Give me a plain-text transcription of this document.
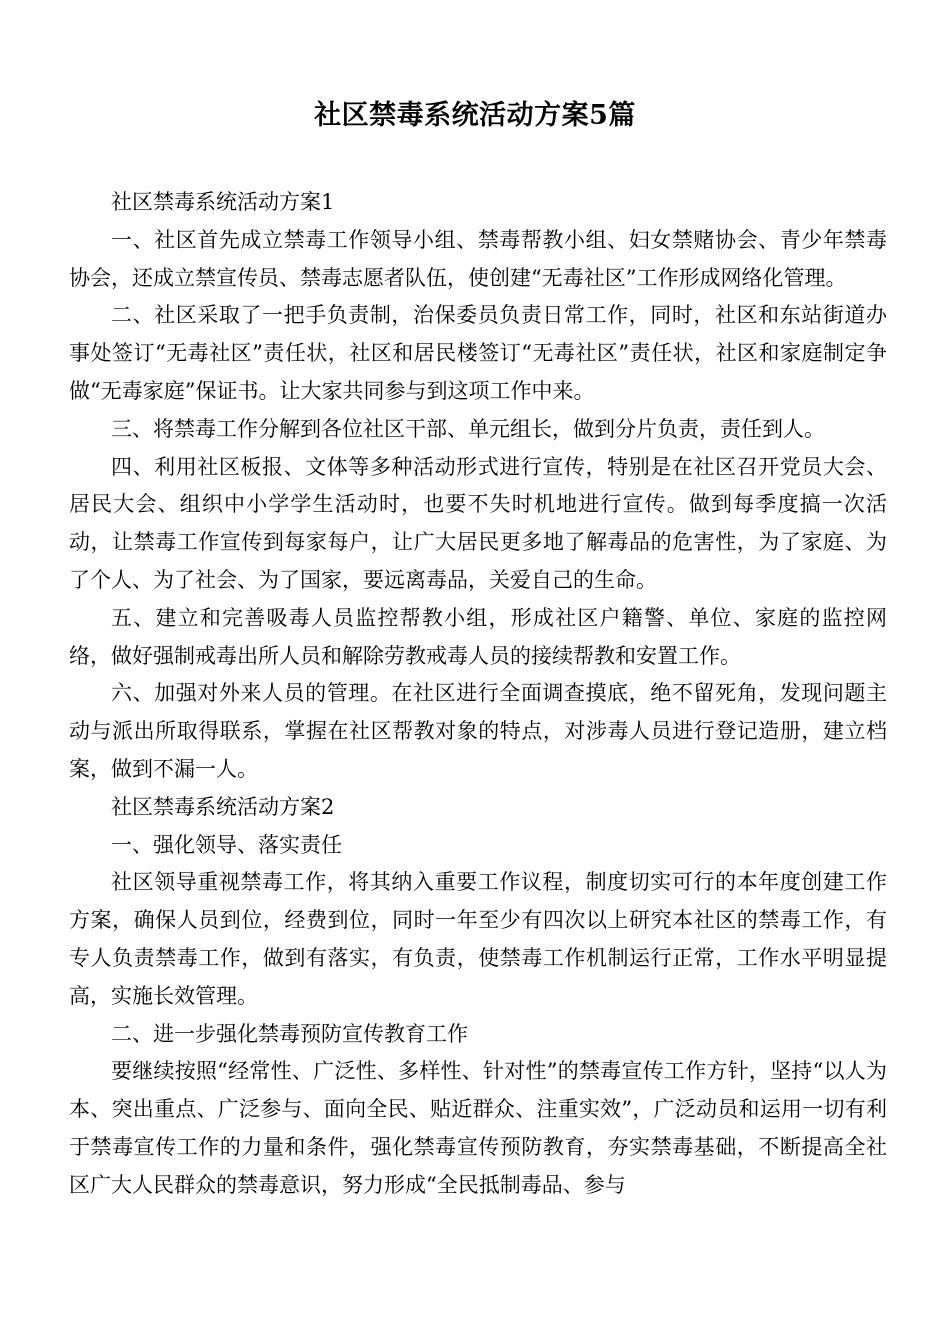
社区禁毒系统活动方案5篇

社区禁毒系统活动方案1

一、社区首先成立禁毒工作领导小组、禁毒帮教小组、妇女禁赌协会、青少年禁毒协会，还成立禁宣传员、禁毒志愿者队伍，使创建“无毒社区”工作形成网络化管理。

二、社区采取了一把手负责制，治保委员负责日常工作，同时，社区和东站街道办事处签订“无毒社区”责任状，社区和居民楼签订“无毒社区”责任状，社区和家庭制定争做“无毒家庭”保证书。让大家共同参与到这项工作中来。

三、将禁毒工作分解到各位社区干部、单元组长，做到分片负责，责任到人。

四、利用社区板报、文体等多种活动形式进行宣传，特别是在社区召开党员大会、居民大会、组织中小学学生活动时，也要不失时机地进行宣传。做到每季度搞一次活动，让禁毒工作宣传到每家每户，让广大居民更多地了解毒品的危害性，为了家庭、为了个人、为了社会、为了国家，要远离毒品，关爱自己的生命。

五、建立和完善吸毒人员监控帮教小组，形成社区户籍警、单位、家庭的监控网络，做好强制戒毒出所人员和解除劳教戒毒人员的接续帮教和安置工作。

六、加强对外来人员的管理。在社区进行全面调查摸底，绝不留死角，发现问题主动与派出所取得联系，掌握在社区帮教对象的特点，对涉毒人员进行登记造册，建立档案，做到不漏一人。

社区禁毒系统活动方案2

一、强化领导、落实责任

社区领导重视禁毒工作，将其纳入重要工作议程，制度切实可行的本年度创建工作方案，确保人员到位，经费到位，同时一年至少有四次以上研究本社区的禁毒工作，有专人负责禁毒工作，做到有落实，有负责，使禁毒工作机制运行正常，工作水平明显提高，实施长效管理。

二、进一步强化禁毒预防宣传教育工作

要继续按照“经常性、广泛性、多样性、针对性”的禁毒宣传工作方针，坚持“以人为本、突出重点、广泛参与、面向全民、贴近群众、注重实效”，广泛动员和运用一切有利于禁毒宣传工作的力量和条件，强化禁毒宣传预防教育，夯实禁毒基础，不断提高全社区广大人民群众的禁毒意识，努力形成“全民抵制毒品、参与
